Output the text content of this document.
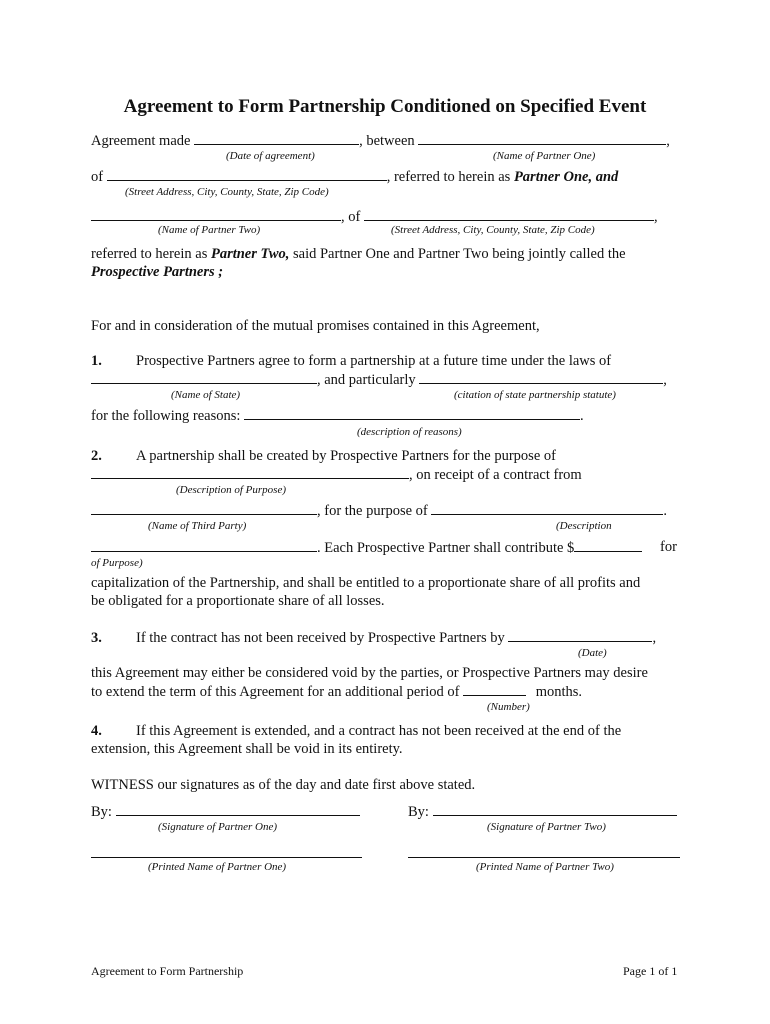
Agreement to Form Partnership Conditioned on Specified Event
Agreement made	, between	,
(Date of agreement)	(Name of Partner One)
of	, referred to herein as Partner One, and
(Street Address, City, County, State, Zip Code)
, of	,
(Name of Partner Two)	(Street Address, City, County, State, Zip Code)
referred to herein as Partner Two, said Partner One and Partner Two being jointly called the
Prospective Partners ;
For and in consideration of the mutual promises contained in this Agreement,
1. Prospective Partners agree to form a partnership at a future time under the laws of
, and particularly	,
(Name of State)	(citation of state partnership statute)
for the following reasons:	.
(description of reasons)
2. A partnership shall be created by Prospective Partners for the purpose of
, on receipt of a contract from
(Description of Purpose)
, for the purpose of	.
(Name of Third Party)	(Description
. Each Prospective Partner shall contribute $	for
of Purpose)
capitalization of the Partnership, and shall be entitled to a proportionate share of all profits and
be obligated for a proportionate share of all losses.
3. If the contract has not been received by Prospective Partners by	,
(Date)
this Agreement may either be considered void by the parties, or Prospective Partners may desire
to extend the term of this Agreement for an additional period of	months.
(Number)
4. If this Agreement is extended, and a contract has not been received at the end of the
extension, this Agreement shall be void in its entirety.
WITNESS our signatures as of the day and date first above stated.
By:	By:
(Signature of Partner One)	(Signature of Partner Two)
(Printed Name of Partner One)	(Printed Name of Partner Two)
Agreement to Form Partnership	Page 1 of 1
